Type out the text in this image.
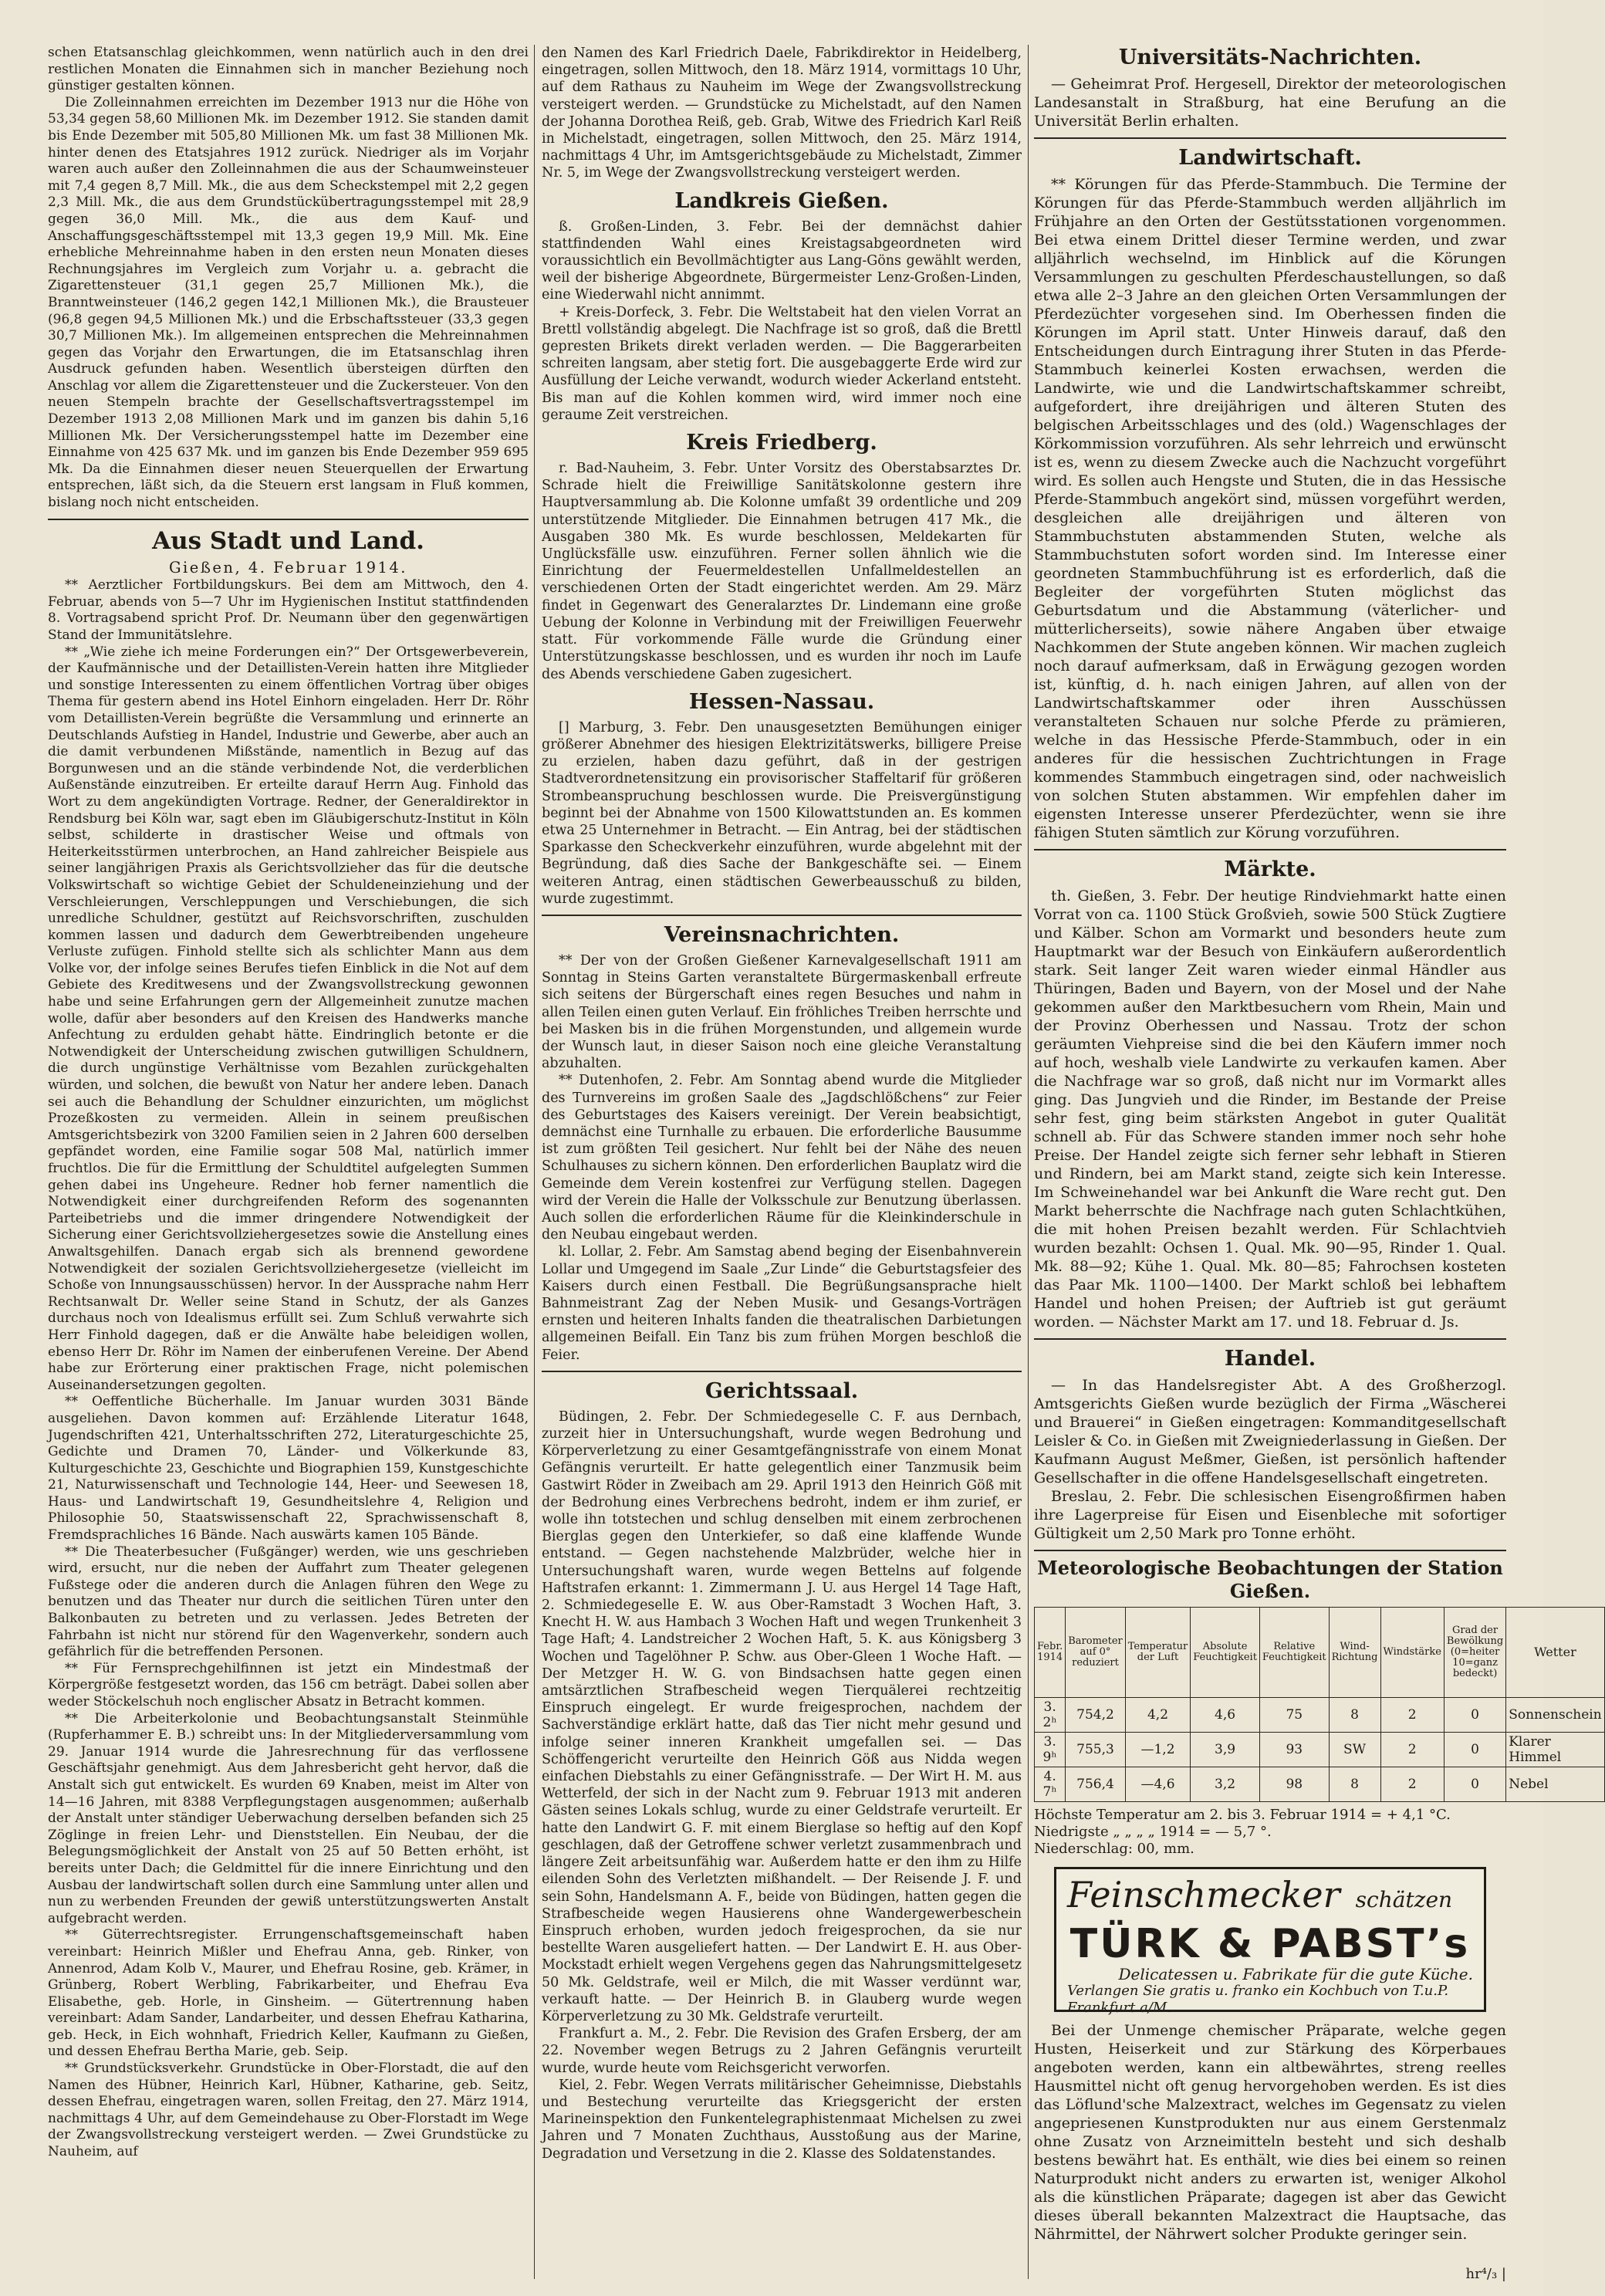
schen Etatsanschlag gleichkommen, wenn natürlich auch in den drei restlichen Monaten die Einnahmen sich in mancher Beziehung noch günstiger gestalten können.

Die Zolleinnahmen erreichten im Dezember 1913 nur die Höhe von 53,34 gegen 58,60 Millionen Mk. im Dezember 1912. Sie standen damit bis Ende Dezember mit 505,80 Millionen Mk. um fast 38 Millionen Mk. hinter denen des Etatsjahres 1912 zurück. Niedriger als im Vorjahr waren auch außer den Zolleinnahmen die aus der Schaumweinsteuer mit 7,4 gegen 8,7 Mill. Mk., die aus dem Scheckstempel mit 2,2 gegen 2,3 Mill. Mk., die aus dem Grundstückübertragungsstempel mit 28,9 gegen 36,0 Mill. Mk., die aus dem Kauf- und Anschaffungsgeschäftsstempel mit 13,3 gegen 19,9 Mill. Mk. Eine erhebliche Mehreinnahme haben in den ersten neun Monaten dieses Rechnungsjahres im Vergleich zum Vorjahr u. a. gebracht die Zigarettensteuer (31,1 gegen 25,7 Millionen Mk.), die Branntweinsteuer (146,2 gegen 142,1 Millionen Mk.), die Brausteuer (96,8 gegen 94,5 Millionen Mk.) und die Erbschaftssteuer (33,3 gegen 30,7 Millionen Mk.). Im allgemeinen entsprechen die Mehreinnahmen gegen das Vorjahr den Erwartungen, die im Etatsanschlag ihren Ausdruck gefunden haben. Wesentlich übersteigen dürften den Anschlag vor allem die Zigarettensteuer und die Zuckersteuer. Von den neuen Stempeln brachte der Gesellschaftsvertragsstempel im Dezember 1913 2,08 Millionen Mark und im ganzen bis dahin 5,16 Millionen Mk. Der Versicherungsstempel hatte im Dezember eine Einnahme von 425 637 Mk. und im ganzen bis Ende Dezember 959 695 Mk. Da die Einnahmen dieser neuen Steuerquellen der Erwartung entsprechen, läßt sich, da die Steuern erst langsam in Fluß kommen, bislang noch nicht entscheiden.

Aus Stadt und Land.
Gießen, 4. Februar 1914.

** Aerztlicher Fortbildungskurs. Bei dem am Mittwoch, den 4. Februar, abends von 5—7 Uhr im Hygienischen Institut stattfindenden 8. Vortragsabend spricht Prof. Dr. Neumann über den gegenwärtigen Stand der Immunitätslehre.

** „Wie ziehe ich meine Forderungen ein?“ Der Ortsgewerbeverein, der Kaufmännische und der Detaillisten-Verein hatten ihre Mitglieder und sonstige Interessenten zu einem öffentlichen Vortrag über obiges Thema für gestern abend ins Hotel Einhorn eingeladen. Herr Dr. Röhr vom Detaillisten-Verein begrüßte die Versammlung und erinnerte an Deutschlands Aufstieg in Handel, Industrie und Gewerbe, aber auch an die damit verbundenen Mißstände, namentlich in Bezug auf das Borgunwesen und an die stände verbindende Not, die verderblichen Außenstände einzutreiben. Er erteilte darauf Herrn Aug. Finhold das Wort zu dem angekündigten Vortrage. Redner, der Generaldirektor in Rendsburg bei Köln war, sagt eben im Gläubigerschutz-Institut in Köln selbst, schilderte in drastischer Weise und oftmals von Heiterkeitsstürmen unterbrochen, an Hand zahlreicher Beispiele aus seiner langjährigen Praxis als Gerichtsvollzieher das für die deutsche Volkswirtschaft so wichtige Gebiet der Schuldeneinziehung und der Verschleierungen, Verschleppungen und Verschiebungen, die sich unredliche Schuldner, gestützt auf Reichsvorschriften, zuschulden kommen lassen und dadurch dem Gewerbtreibenden ungeheure Verluste zufügen. Finhold stellte sich als schlichter Mann aus dem Volke vor, der infolge seines Berufes tiefen Einblick in die Not auf dem Gebiete des Kreditwesens und der Zwangsvollstreckung gewonnen habe und seine Erfahrungen gern der Allgemeinheit zunutze machen wolle, dafür aber besonders auf den Kreisen des Handwerks manche Anfechtung zu erdulden gehabt hätte. Eindringlich betonte er die Notwendigkeit der Unterscheidung zwischen gutwilligen Schuldnern, die durch ungünstige Verhältnisse vom Bezahlen zurückgehalten würden, und solchen, die bewußt von Natur her andere leben. Danach sei auch die Behandlung der Schuldner einzurichten, um möglichst Prozeßkosten zu vermeiden. Allein in seinem preußischen Amtsgerichtsbezirk von 3200 Familien seien in 2 Jahren 600 derselben gepfändet worden, eine Familie sogar 508 Mal, natürlich immer fruchtlos. Die für die Ermittlung der Schuldtitel aufgelegten Summen gehen dabei ins Ungeheure. Redner hob ferner namentlich die Notwendigkeit einer durchgreifenden Reform des sogenannten Parteibetriebs und die immer dringendere Notwendigkeit der Sicherung einer Gerichtsvollziehergesetzes sowie die Anstellung eines Anwaltsgehilfen. Danach ergab sich als brennend gewordene Notwendigkeit der sozialen Gerichtsvollziehergesetze (vielleicht im Schoße von Innungsausschüssen) hervor. In der Aussprache nahm Herr Rechtsanwalt Dr. Weller seine Stand in Schutz, der als Ganzes durchaus noch von Idealismus erfüllt sei. Zum Schluß verwahrte sich Herr Finhold dagegen, daß er die Anwälte habe beleidigen wollen, ebenso Herr Dr. Röhr im Namen der einberufenen Vereine. Der Abend habe zur Erörterung einer praktischen Frage, nicht polemischen Auseinandersetzungen gegolten.

** Oeffentliche Bücherhalle. Im Januar wurden 3031 Bände ausgeliehen. Davon kommen auf: Erzählende Literatur 1648, Jugendschriften 421, Unterhaltsschriften 272, Literaturgeschichte 25, Gedichte und Dramen 70, Länder- und Völkerkunde 83, Kulturgeschichte 23, Geschichte und Biographien 159, Kunstgeschichte 21, Naturwissenschaft und Technologie 144, Heer- und Seewesen 18, Haus- und Landwirtschaft 19, Gesundheitslehre 4, Religion und Philosophie 50, Staatswissenschaft 22, Sprachwissenschaft 8, Fremdsprachliches 16 Bände. Nach auswärts kamen 105 Bände.

** Die Theaterbesucher (Fußgänger) werden, wie uns geschrieben wird, ersucht, nur die neben der Auffahrt zum Theater gelegenen Fußstege oder die anderen durch die Anlagen führen den Wege zu benutzen und das Theater nur durch die seitlichen Türen unter den Balkonbauten zu betreten und zu verlassen. Jedes Betreten der Fahrbahn ist nicht nur störend für den Wagenverkehr, sondern auch gefährlich für die betreffenden Personen.

** Für Fernsprechgehilfinnen ist jetzt ein Mindestmaß der Körpergröße festgesetzt worden, das 156 cm beträgt. Dabei sollen aber weder Stöckelschuh noch englischer Absatz in Betracht kommen.

** Die Arbeiterkolonie und Beobachtungsanstalt Steinmühle (Rupferhammer E. B.) schreibt uns: In der Mitgliederversammlung vom 29. Januar 1914 wurde die Jahresrechnung für das verflossene Geschäftsjahr genehmigt. Aus dem Jahresbericht geht hervor, daß die Anstalt sich gut entwickelt. Es wurden 69 Knaben, meist im Alter von 14—16 Jahren, mit 8388 Verpflegungstagen ausgenommen; außerhalb der Anstalt unter ständiger Ueberwachung derselben befanden sich 25 Zöglinge in freien Lehr- und Dienststellen. Ein Neubau, der die Belegungsmöglichkeit der Anstalt von 25 auf 50 Betten erhöht, ist bereits unter Dach; die Geldmittel für die innere Einrichtung und den Ausbau der landwirtschaft sollen durch eine Sammlung unter allen und nun zu werbenden Freunden der gewiß unterstützungswerten Anstalt aufgebracht werden.

** Güterrechtsregister. Errungenschaftsgemeinschaft haben vereinbart: Heinrich Mißler und Ehefrau Anna, geb. Rinker, von Annenrod, Adam Kolb V., Maurer, und Ehefrau Rosine, geb. Krämer, in Grünberg, Robert Werbling, Fabrikarbeiter, und Ehefrau Eva Elisabethe, geb. Horle, in Ginsheim. — Gütertrennung haben vereinbart: Adam Sander, Landarbeiter, und dessen Ehefrau Katharina, geb. Heck, in Eich wohnhaft, Friedrich Keller, Kaufmann zu Gießen, und dessen Ehefrau Bertha Marie, geb. Seip.

** Grundstücksverkehr. Grundstücke in Ober-Florstadt, die auf den Namen des Hübner, Heinrich Karl, Hübner, Katharine, geb. Seitz, dessen Ehefrau, eingetragen waren, sollen Freitag, den 27. März 1914, nachmittags 4 Uhr, auf dem Gemeindehause zu Ober-Florstadt im Wege der Zwangsvollstreckung versteigert werden. — Zwei Grundstücke zu Nauheim, auf

den Namen des Karl Friedrich Daele, Fabrikdirektor in Heidelberg, eingetragen, sollen Mittwoch, den 18. März 1914, vormittags 10 Uhr, auf dem Rathaus zu Nauheim im Wege der Zwangsvollstreckung versteigert werden. — Grundstücke zu Michelstadt, auf den Namen der Johanna Dorothea Reiß, geb. Grab, Witwe des Friedrich Karl Reiß in Michelstadt, eingetragen, sollen Mittwoch, den 25. März 1914, nachmittags 4 Uhr, im Amtsgerichtsgebäude zu Michelstadt, Zimmer Nr. 5, im Wege der Zwangsvollstreckung versteigert werden.

Landkreis Gießen.

ß. Großen-Linden, 3. Febr. Bei der demnächst dahier stattfindenden Wahl eines Kreistagsabgeordneten wird voraussichtlich ein Bevollmächtigter aus Lang-Göns gewählt werden, weil der bisherige Abgeordnete, Bürgermeister Lenz-Großen-Linden, eine Wiederwahl nicht annimmt.

+ Kreis-Dorfeck, 3. Febr. Die Weltstabeit hat den vielen Vorrat an Brettl vollständig abgelegt. Die Nachfrage ist so groß, daß die Brettl gepresten Brikets direkt verladen werden. — Die Baggerarbeiten schreiten langsam, aber stetig fort. Die ausgebaggerte Erde wird zur Ausfüllung der Leiche verwandt, wodurch wieder Ackerland entsteht. Bis man auf die Kohlen kommen wird, wird immer noch eine geraume Zeit verstreichen.

Kreis Friedberg.

r. Bad-Nauheim, 3. Febr. Unter Vorsitz des Oberstabsarztes Dr. Schrade hielt die Freiwillige Sanitätskolonne gestern ihre Hauptversammlung ab. Die Kolonne umfaßt 39 ordentliche und 209 unterstützende Mitglieder. Die Einnahmen betrugen 417 Mk., die Ausgaben 380 Mk. Es wurde beschlossen, Meldekarten für Unglücksfälle usw. einzuführen. Ferner sollen ähnlich wie die Einrichtung der Feuermeldestellen Unfallmeldestellen an verschiedenen Orten der Stadt eingerichtet werden. Am 29. März findet in Gegenwart des Generalarztes Dr. Lindemann eine große Uebung der Kolonne in Verbindung mit der Freiwilligen Feuerwehr statt. Für vorkommende Fälle wurde die Gründung einer Unterstützungskasse beschlossen, und es wurden ihr noch im Laufe des Abends verschiedene Gaben zugesichert.

Hessen-Nassau.

[] Marburg, 3. Febr. Den unausgesetzten Bemühungen einiger größerer Abnehmer des hiesigen Elektrizitätswerks, billigere Preise zu erzielen, haben dazu geführt, daß in der gestrigen Stadtverordnetensitzung ein provisorischer Staffeltarif für größeren Strombeanspruchung beschlossen wurde. Die Preisvergünstigung beginnt bei der Abnahme von 1500 Kilowattstunden an. Es kommen etwa 25 Unternehmer in Betracht. — Ein Antrag, bei der städtischen Sparkasse den Scheckverkehr einzuführen, wurde abgelehnt mit der Begründung, daß dies Sache der Bankgeschäfte sei. — Einem weiteren Antrag, einen städtischen Gewerbeausschuß zu bilden, wurde zugestimmt.

Vereinsnachrichten.

** Der von der Großen Gießener Karnevalgesellschaft 1911 am Sonntag in Steins Garten veranstaltete Bürgermaskenball erfreute sich seitens der Bürgerschaft eines regen Besuches und nahm in allen Teilen einen guten Verlauf. Ein fröhliches Treiben herrschte und bei Masken bis in die frühen Morgenstunden, und allgemein wurde der Wunsch laut, in dieser Saison noch eine gleiche Veranstaltung abzuhalten.

** Dutenhofen, 2. Febr. Am Sonntag abend wurde die Mitglieder des Turnvereins im großen Saale des „Jagdschlößchens“ zur Feier des Geburtstages des Kaisers vereinigt. Der Verein beabsichtigt, demnächst eine Turnhalle zu erbauen. Die erforderliche Bausumme ist zum größten Teil gesichert. Nur fehlt bei der Nähe des neuen Schulhauses zu sichern können. Den erforderlichen Bauplatz wird die Gemeinde dem Verein kostenfrei zur Verfügung stellen. Dagegen wird der Verein die Halle der Volksschule zur Benutzung überlassen. Auch sollen die erforderlichen Räume für die Kleinkinderschule in den Neubau eingebaut werden.

kl. Lollar, 2. Febr. Am Samstag abend beging der Eisenbahnverein Lollar und Umgegend im Saale „Zur Linde“ die Geburtstagsfeier des Kaisers durch einen Festball. Die Begrüßungsansprache hielt Bahnmeistrant Zag der Neben Musik- und Gesangs-Vorträgen ernsten und heiteren Inhalts fanden die theatralischen Darbietungen allgemeinen Beifall. Ein Tanz bis zum frühen Morgen beschloß die Feier.

Gerichtssaal.

Büdingen, 2. Febr. Der Schmiedegeselle C. F. aus Dernbach, zurzeit hier in Untersuchungshaft, wurde wegen Bedrohung und Körperverletzung zu einer Gesamtgefängnisstrafe von einem Monat Gefängnis verurteilt. Er hatte gelegentlich einer Tanzmusik beim Gastwirt Röder in Zweibach am 29. April 1913 den Heinrich Göß mit der Bedrohung eines Verbrechens bedroht, indem er ihm zurief, er wolle ihn totstechen und schlug denselben mit einem zerbrochenen Bierglas gegen den Unterkiefer, so daß eine klaffende Wunde entstand. — Gegen nachstehende Malzbrüder, welche hier in Untersuchungshaft waren, wurde wegen Bettelns auf folgende Haftstrafen erkannt: 1. Zimmermann J. U. aus Hergel 14 Tage Haft, 2. Schmiedegeselle E. W. aus Ober-Ramstadt 3 Wochen Haft, 3. Knecht H. W. aus Hambach 3 Wochen Haft und wegen Trunkenheit 3 Tage Haft; 4. Landstreicher 2 Wochen Haft, 5. K. aus Königsberg 3 Wochen und Tagelöhner P. Schw. aus Ober-Gleen 1 Woche Haft. — Der Metzger H. W. G. von Bindsachsen hatte gegen einen amtsärztlichen Strafbescheid wegen Tierquälerei rechtzeitig Einspruch eingelegt. Er wurde freigesprochen, nachdem der Sachverständige erklärt hatte, daß das Tier nicht mehr gesund und infolge seiner inneren Krankheit umgefallen sei. — Das Schöffengericht verurteilte den Heinrich Göß aus Nidda wegen einfachen Diebstahls zu einer Gefängnisstrafe. — Der Wirt H. M. aus Wetterfeld, der sich in der Nacht zum 9. Februar 1913 mit anderen Gästen seines Lokals schlug, wurde zu einer Geldstrafe verurteilt. Er hatte den Landwirt G. F. mit einem Bierglase so heftig auf den Kopf geschlagen, daß der Getroffene schwer verletzt zusammenbrach und längere Zeit arbeitsunfähig war. Außerdem hatte er den ihm zu Hilfe eilenden Sohn des Verletzten mißhandelt. — Der Reisende J. F. und sein Sohn, Handelsmann A. F., beide von Büdingen, hatten gegen die Strafbescheide wegen Hausierens ohne Wandergewerbeschein Einspruch erhoben, wurden jedoch freigesprochen, da sie nur bestellte Waren ausgeliefert hatten. — Der Landwirt E. H. aus Ober-Mockstadt erhielt wegen Vergehens gegen das Nahrungsmittelgesetz 50 Mk. Geldstrafe, weil er Milch, die mit Wasser verdünnt war, verkauft hatte. — Der Heinrich B. in Glauberg wurde wegen Körperverletzung zu 30 Mk. Geldstrafe verurteilt.

Frankfurt a. M., 2. Febr. Die Revision des Grafen Ersberg, der am 22. November wegen Betrugs zu 2 Jahren Gefängnis verurteilt wurde, wurde heute vom Reichsgericht verworfen.

Kiel, 2. Febr. Wegen Verrats militärischer Geheimnisse, Diebstahls und Bestechung verurteilte das Kriegsgericht der ersten Marineinspektion den Funkentelegraphistenmaat Michelsen zu zwei Jahren und 7 Monaten Zuchthaus, Ausstoßung aus der Marine, Degradation und Versetzung in die 2. Klasse des Soldatenstandes.

Universitäts-Nachrichten.

— Geheimrat Prof. Hergesell, Direktor der meteorologischen Landesanstalt in Straßburg, hat eine Berufung an die Universität Berlin erhalten.

Landwirtschaft.

** Körungen für das Pferde-Stammbuch. Die Termine der Körungen für das Pferde-Stammbuch werden alljährlich im Frühjahre an den Orten der Gestütsstationen vorgenommen. Bei etwa einem Drittel dieser Termine werden, und zwar alljährlich wechselnd, im Hinblick auf die Körungen Versammlungen zu geschulten Pferdeschaustellungen, so daß etwa alle 2–3 Jahre an den gleichen Orten Versammlungen der Pferdezüchter vorgesehen sind. Im Oberhessen finden die Körungen im April statt. Unter Hinweis darauf, daß den Entscheidungen durch Eintragung ihrer Stuten in das Pferde-Stammbuch keinerlei Kosten erwachsen, werden die Landwirte, wie und die Landwirtschaftskammer schreibt, aufgefordert, ihre dreijährigen und älteren Stuten des belgischen Arbeitsschlages und des (old.) Wagenschlages der Körkommission vorzuführen. Als sehr lehrreich und erwünscht ist es, wenn zu diesem Zwecke auch die Nachzucht vorgeführt wird. Es sollen auch Hengste und Stuten, die in das Hessische Pferde-Stammbuch angekört sind, müssen vorgeführt werden, desgleichen alle dreijährigen und älteren von Stammbuchstuten abstammenden Stuten, welche als Stammbuchstuten sofort worden sind. Im Interesse einer geordneten Stammbuchführung ist es erforderlich, daß die Begleiter der vorgeführten Stuten möglichst das Geburtsdatum und die Abstammung (väterlicher- und mütterlicherseits), sowie nähere Angaben über etwaige Nachkommen der Stute angeben können. Wir machen zugleich noch darauf aufmerksam, daß in Erwägung gezogen worden ist, künftig, d. h. nach einigen Jahren, auf allen von der Landwirtschaftskammer oder ihren Ausschüssen veranstalteten Schauen nur solche Pferde zu prämieren, welche in das Hessische Pferde-Stammbuch, oder in ein anderes für die hessischen Zuchtrichtungen in Frage kommendes Stammbuch eingetragen sind, oder nachweislich von solchen Stuten abstammen. Wir empfehlen daher im eigensten Interesse unserer Pferdezüchter, wenn sie ihre fähigen Stuten sämtlich zur Körung vorzuführen.

Märkte.

th. Gießen, 3. Febr. Der heutige Rindviehmarkt hatte einen Vorrat von ca. 1100 Stück Großvieh, sowie 500 Stück Zugtiere und Kälber. Schon am Vormarkt und besonders heute zum Hauptmarkt war der Besuch von Einkäufern außerordentlich stark. Seit langer Zeit waren wieder einmal Händler aus Thüringen, Baden und Bayern, von der Mosel und der Nahe gekommen außer den Marktbesuchern vom Rhein, Main und der Provinz Oberhessen und Nassau. Trotz der schon geräumten Viehpreise sind die bei den Käufern immer noch auf hoch, weshalb viele Landwirte zu verkaufen kamen. Aber die Nachfrage war so groß, daß nicht nur im Vormarkt alles ging. Das Jungvieh und die Rinder, im Bestande der Preise sehr fest, ging beim stärksten Angebot in guter Qualität schnell ab. Für das Schwere standen immer noch sehr hohe Preise. Der Handel zeigte sich ferner sehr lebhaft in Stieren und Rindern, bei am Markt stand, zeigte sich kein Interesse. Im Schweinehandel war bei Ankunft die Ware recht gut. Den Markt beherrschte die Nachfrage nach guten Schlachtkühen, die mit hohen Preisen bezahlt werden. Für Schlachtvieh wurden bezahlt: Ochsen 1. Qual. Mk. 90—95, Rinder 1. Qual. Mk. 88—92; Kühe 1. Qual. Mk. 80—85; Fahrochsen kosteten das Paar Mk. 1100—1400. Der Markt schloß bei lebhaftem Handel und hohen Preisen; der Auftrieb ist gut geräumt worden. — Nächster Markt am 17. und 18. Februar d. Js.

Handel.

— In das Handelsregister Abt. A des Großherzogl. Amtsgerichts Gießen wurde bezüglich der Firma „Wäscherei und Brauerei“ in Gießen eingetragen: Kommanditgesellschaft Leisler & Co. in Gießen mit Zweigniederlassung in Gießen. Der Kaufmann August Meßmer, Gießen, ist persönlich haftender Gesellschafter in die offene Handelsgesellschaft eingetreten.

Breslau, 2. Febr. Die schlesischen Eisengroßfirmen haben ihre Lagerpreise für Eisen und Eisenbleche mit sofortiger Gültigkeit um 2,50 Mark pro Tonne erhöht.

Meteorologische Beobachtungen der Station Gießen.
Febr. 1914	Barometer auf 0° reduziert	Temperatur der Luft	Absolute Feuchtigkeit	Relative Feuchtigkeit	Wind-Richtung	Windstärke	Grad der Bewölkung (0=heiter 10=ganz bedeckt)	Wetter
3. 2ʰ	754,2	4,2	4,6	75	8	2	0	Sonnenschein
3. 9ʰ	755,3	—1,2	3,9	93	SW	2	0	Klarer Himmel
4. 7ʰ	756,4	—4,6	3,2	98	8	2	0	Nebel
Höchste Temperatur am 2. bis 3. Februar 1914 = + 4,1 °C.
Niedrigste „ „ „ „ 1914 = — 5,7 °.
Niederschlag: 00, mm.
Feinschmecker schätzen
TÜRK & PABST’s
Delicatessen u. Fabrikate für die gute Küche.
Verlangen Sie gratis u. franko ein Kochbuch von T.u.P. Frankfurt a/M.

Bei der Unmenge chemischer Präparate, welche gegen Husten, Heiserkeit und zur Stärkung des Körperbaues angeboten werden, kann ein altbewährtes, streng reelles Hausmittel nicht oft genug hervorgehoben werden. Es ist dies das Löflund'sche Malzextract, welches im Gegensatz zu vielen angepriesenen Kunstprodukten nur aus einem Gerstenmalz ohne Zusatz von Arzneimitteln besteht und sich deshalb bestens bewährt hat. Es enthält, wie dies bei einem so reinen Naturprodukt nicht anders zu erwarten ist, weniger Alkohol als die künstlichen Präparate; dagegen ist aber das Gewicht dieses überall bekannten Malzextract die Hauptsache, das Nährmittel, der Nährwert solcher Produkte geringer sein.

hr⁴/₃ |
